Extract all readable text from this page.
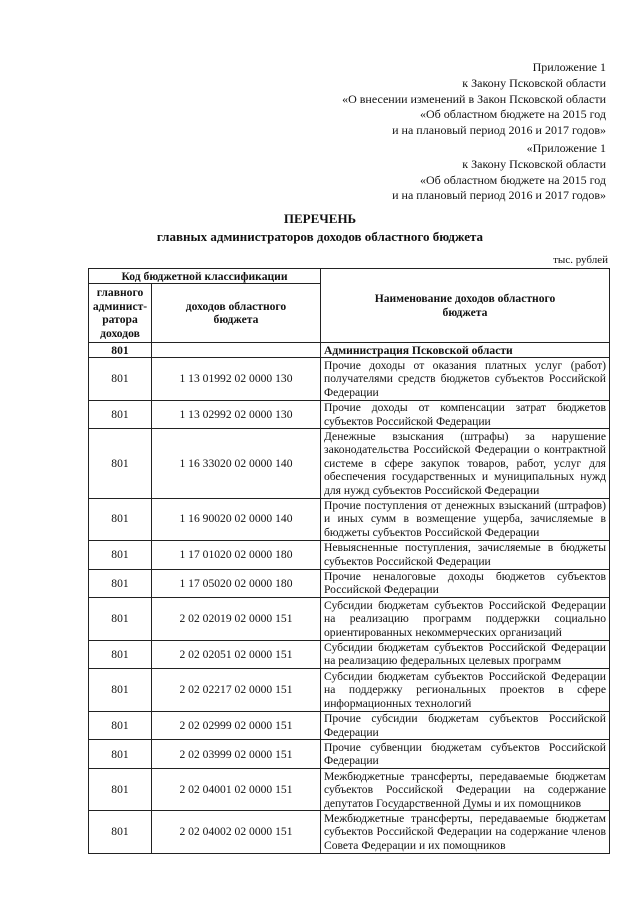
Приложение 1
к Закону Псковской области
«О внесении изменений в Закон Псковской области
«Об областном бюджете на 2015 год
и на плановый период 2016 и 2017 годов»
«Приложение 1
к Закону Псковской области
«Об областном бюджете на 2015 год
и на плановый период 2016 и 2017 годов»
ПЕРЕЧЕНЬ
главных администраторов доходов областного бюджета
тыс. рублей
Код бюджетной классификации		Наименование доходов областного бюджета
главного админист-ратора доходов	доходов областного бюджета	
801		Администрация Псковской области
801	1 13 01992 02 0000 130	Прочие доходы от оказания платных услуг (работ) получателями средств бюджетов субъектов Российской Федерации
801	1 13 02992 02 0000 130	Прочие доходы от компенсации затрат бюджетов субъектов Российской Федерации
801	1 16 33020 02 0000 140	Денежные взыскания (штрафы) за нарушение законодательства Российской Федерации о контрактной системе в сфере закупок товаров, работ, услуг для обеспечения государственных и муниципальных нужд для нужд субъектов Российской Федерации
801	1 16 90020 02 0000 140	Прочие поступления от денежных взысканий (штрафов) и иных сумм в возмещение ущерба, зачисляемые в бюджеты субъектов Российской Федерации
801	1 17 01020 02 0000 180	Невыясненные поступления, зачисляемые в бюджеты субъектов Российской Федерации
801	1 17 05020 02 0000 180	Прочие неналоговые доходы бюджетов субъектов Российской Федерации
801	2 02 02019 02 0000 151	Субсидии бюджетам субъектов Российской Федерации на реализацию программ поддержки социально ориентированных некоммерческих организаций
801	2 02 02051 02 0000 151	Субсидии бюджетам субъектов Российской Федерации на реализацию федеральных целевых программ
801	2 02 02217 02 0000 151	Субсидии бюджетам субъектов Российской Федерации на поддержку региональных проектов в сфере информационных технологий
801	2 02 02999 02 0000 151	Прочие субсидии бюджетам субъектов Российской Федерации
801	2 02 03999 02 0000 151	Прочие субвенции бюджетам субъектов Российской Федерации
801	2 02 04001 02 0000 151	Межбюджетные трансферты, передаваемые бюджетам субъектов Российской Федерации на содержание депутатов Государственной Думы и их помощников
801	2 02 04002 02 0000 151	Межбюджетные трансферты, передаваемые бюджетам субъектов Российской Федерации на содержание членов Совета Федерации и их помощников
